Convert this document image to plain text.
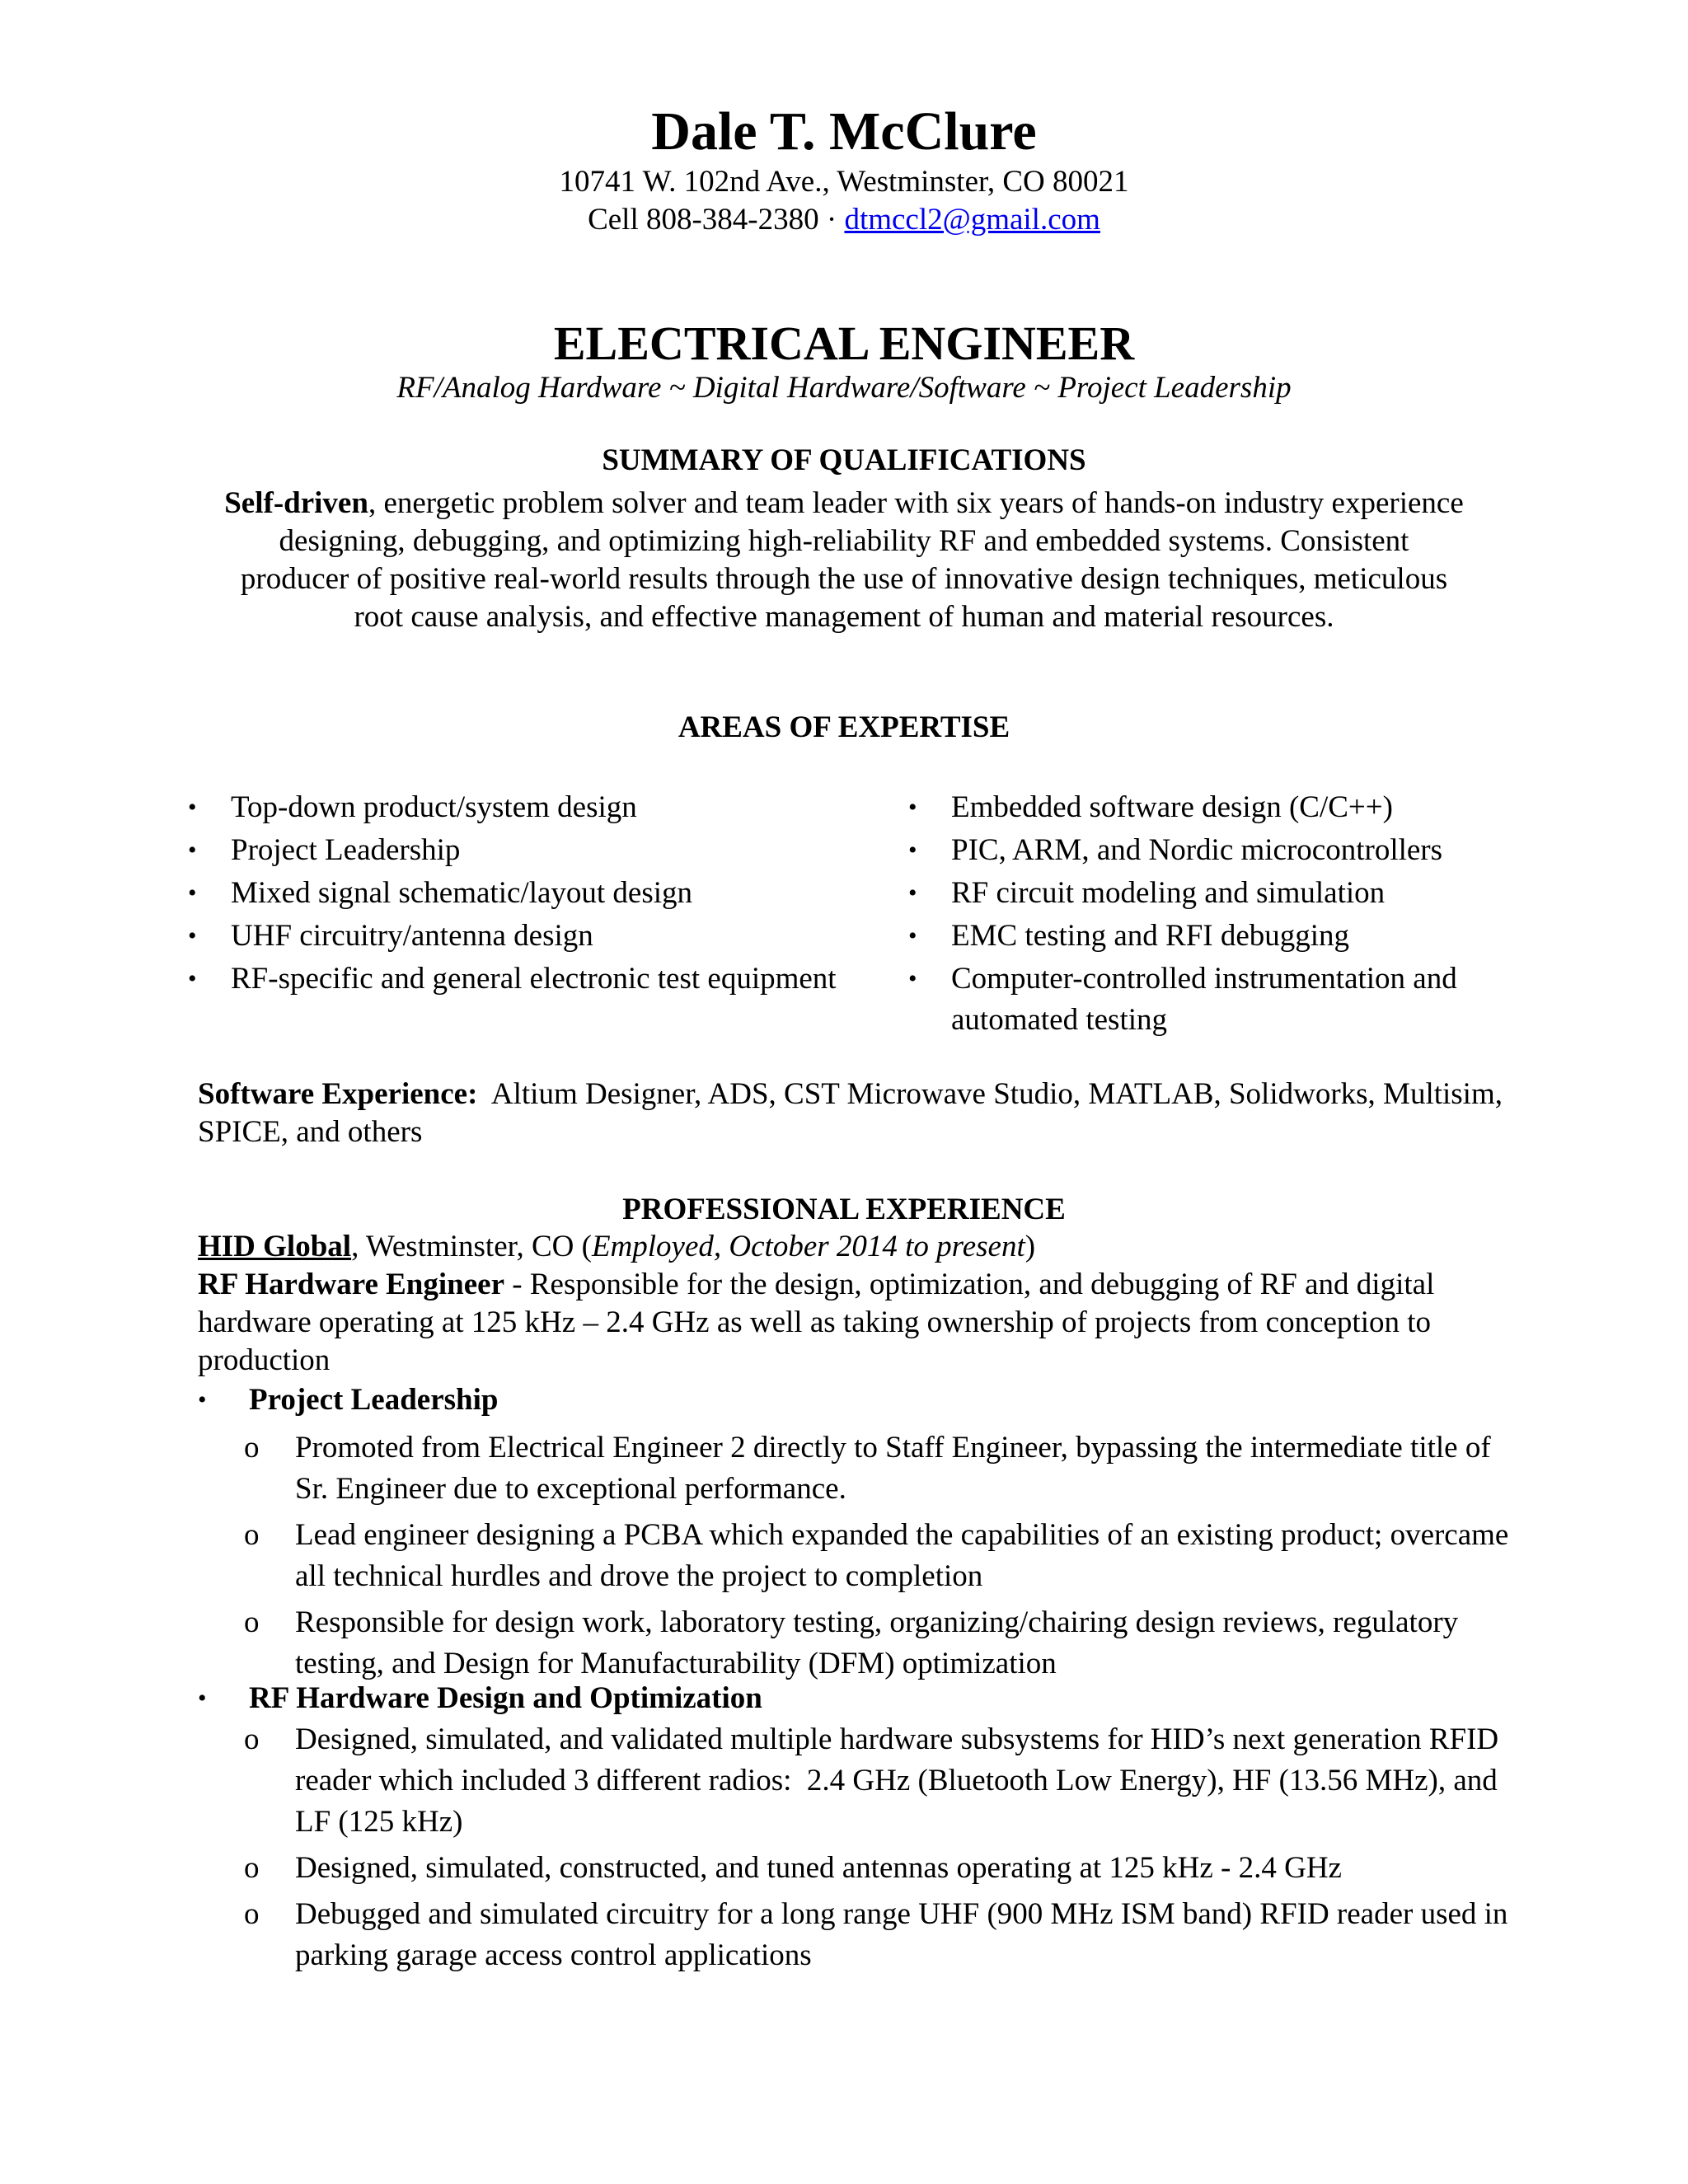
Dale T. McClure
10741 W. 102nd Ave., Westminster, CO 80021
Cell 808-384-2380 · dtmccl2@gmail.com
ELECTRICAL ENGINEER
RF/Analog Hardware ~ Digital Hardware/Software ~ Project Leadership
SUMMARY OF QUALIFICATIONS
Self-driven, energetic problem solver and team leader with six years of hands-on industry experience designing, debugging, and optimizing high-reliability RF and embedded systems. Consistent producer of positive real-world results through the use of innovative design techniques, meticulous root cause analysis, and effective management of human and material resources.
AREAS OF EXPERTISE
• Top-down product/system design
• Project Leadership
• Mixed signal schematic/layout design
• UHF circuitry/antenna design
• RF-specific and general electronic test equipment
• Embedded software design (C/C++)
• PIC, ARM, and Nordic microcontrollers
• RF circuit modeling and simulation
• EMC testing and RFI debugging
• Computer-controlled instrumentation and automated testing
Software Experience:  Altium Designer, ADS, CST Microwave Studio, MATLAB, Solidworks, Multisim, SPICE, and others
PROFESSIONAL EXPERIENCE
HID Global, Westminster, CO (Employed, October 2014 to present)
RF Hardware Engineer - Responsible for the design, optimization, and debugging of RF and digital hardware operating at 125 kHz – 2.4 GHz as well as taking ownership of projects from conception to production
• Project Leadership
o Promoted from Electrical Engineer 2 directly to Staff Engineer, bypassing the intermediate title of Sr. Engineer due to exceptional performance.
o Lead engineer designing a PCBA which expanded the capabilities of an existing product; overcame all technical hurdles and drove the project to completion
o Responsible for design work, laboratory testing, organizing/chairing design reviews, regulatory testing, and Design for Manufacturability (DFM) optimization
• RF Hardware Design and Optimization
o Designed, simulated, and validated multiple hardware subsystems for HID’s next generation RFID reader which included 3 different radios:  2.4 GHz (Bluetooth Low Energy), HF (13.56 MHz), and LF (125 kHz)
o Designed, simulated, constructed, and tuned antennas operating at 125 kHz - 2.4 GHz
o Debugged and simulated circuitry for a long range UHF (900 MHz ISM band) RFID reader used in parking garage access control applications
